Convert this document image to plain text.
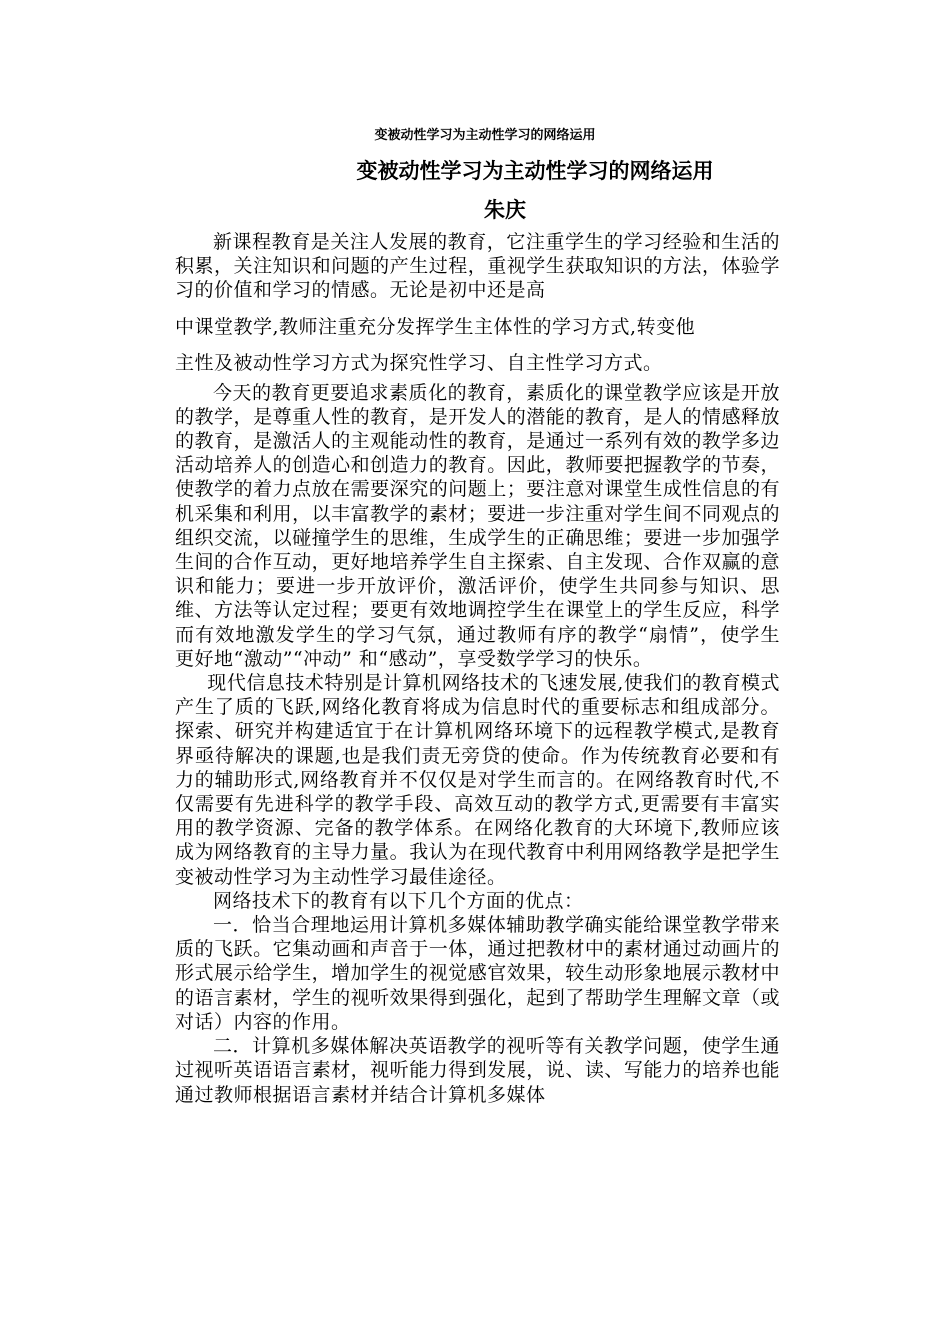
变被动性学习为主动性学习的网络运用
变被动性学习为主动性学习的网络运用
朱庆

新课程教育是关注人发展的教育，它注重学生的学习经验和生活的积累，关注知识和问题的产生过程，重视学生获取知识的方法，体验学习的价值和学习的情感。无论是初中还是高

中课堂教学,教师注重充分发挥学生主体性的学习方式,转变他

主性及被动性学习方式为探究性学习、自主性学习方式。

今天的教育更要追求素质化的教育，素质化的课堂教学应该是开放的教学，是尊重人性的教育，是开发人的潜能的教育，是人的情感释放的教育，是激活人的主观能动性的教育，是通过一系列有效的教学多边活动培养人的创造心和创造力的教育。因此，教师要把握教学的节奏，使教学的着力点放在需要深究的问题上；要注意对课堂生成性信息的有机采集和利用，以丰富教学的素材；要进一步注重对学生间不同观点的组织交流，以碰撞学生的思维，生成学生的正确思维；要进一步加强学生间的合作互动，更好地培养学生自主探索、自主发现、合作双赢的意识和能力；要进一步开放评价，激活评价，使学生共同参与知识、思维、方法等认定过程；要更有效地调控学生在课堂上的学生反应，科学而有效地激发学生的学习气氛，通过教师有序的教学“扇情”，使学生更好地“激动”“冲动” 和“感动”，享受数学学习的快乐。

现代信息技术特别是计算机网络技术的飞速发展,使我们的教育模式产生了质的飞跃,网络化教育将成为信息时代的重要标志和组成部分。探索、研究并构建适宜于在计算机网络环境下的远程教学模式,是教育界亟待解决的课题,也是我们责无旁贷的使命。作为传统教育必要和有力的辅助形式,网络教育并不仅仅是对学生而言的。在网络教育时代,不仅需要有先进科学的教学手段、高效互动的教学方式,更需要有丰富实用的教学资源、完备的教学体系。在网络化教育的大环境下,教师应该成为网络教育的主导力量。我认为在现代教育中利用网络教学是把学生变被动性学习为主动性学习最佳途径。

网络技术下的教育有以下几个方面的优点：

一．恰当合理地运用计算机多媒体辅助教学确实能给课堂教学带来质的飞跃。它集动画和声音于一体，通过把教材中的素材通过动画片的形式展示给学生，增加学生的视觉感官效果，较生动形象地展示教材中的语言素材，学生的视听效果得到强化，起到了帮助学生理解文章（或对话）内容的作用。

二．计算机多媒体解决英语教学的视听等有关教学问题，使学生通过视听英语语言素材，视听能力得到发展，说、读、写能力的培养也能通过教师根据语言素材并结合计算机多媒体
